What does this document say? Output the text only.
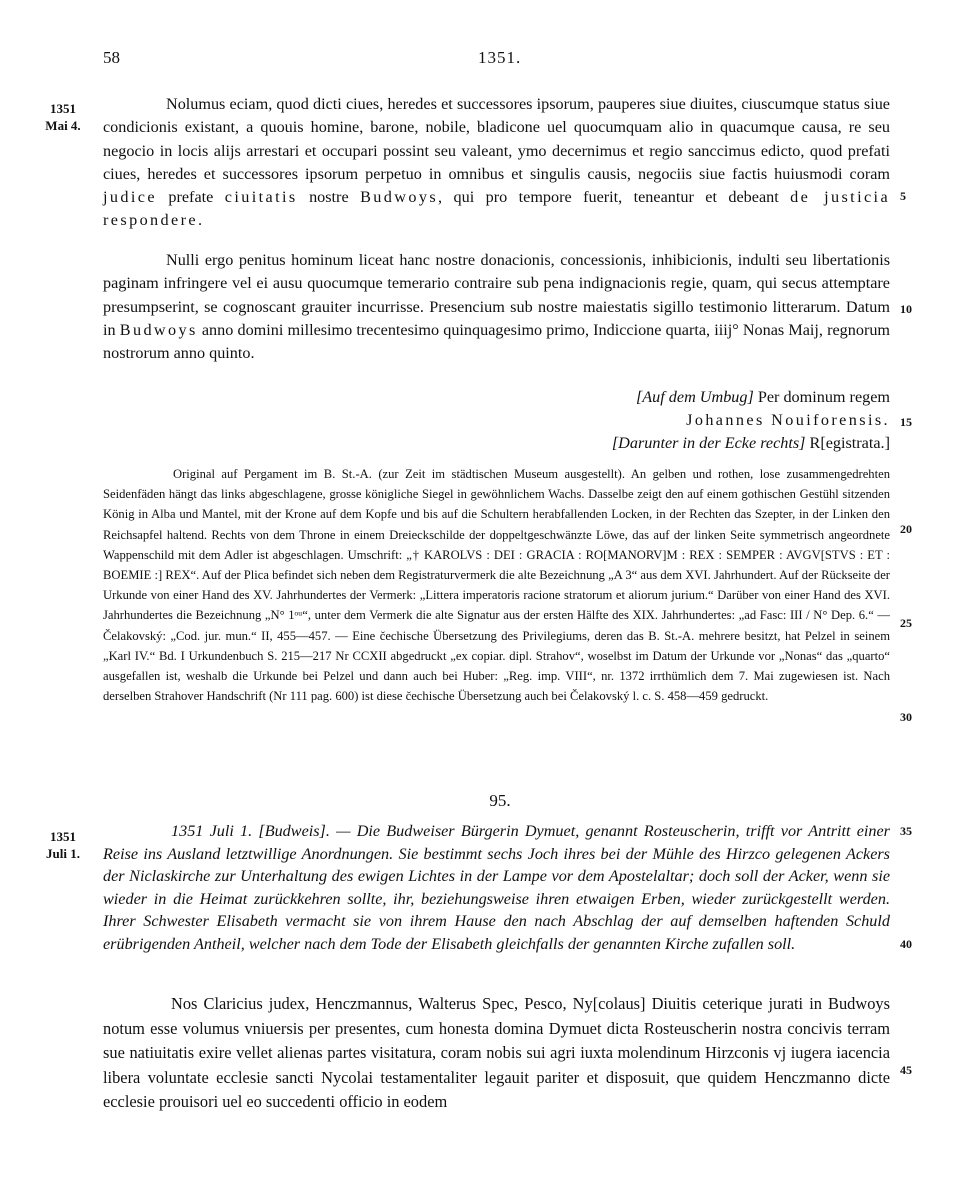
58	1351.
1351
Mai 4.
1351
Juli 1.
5
10
15
20
25
30
35
40
45

Nolumus eciam, quod dicti ciues, heredes et successores ipsorum, pauperes siue diuites, ciuscumque status siue condicionis existant, a quouis homine, barone, nobile, bladicone uel quocumquam alio in quacumque causa, re seu negocio in locis alijs arrestari et occupari possint seu valeant, ymo decernimus et regio sanccimus edicto, quod prefati ciues, heredes et successores ipsorum perpetuo in omnibus et singulis causis, negociis siue factis huiusmodi coram judice prefate ciuitatis nostre Budwoys, qui pro tempore fuerit, teneantur et debeant de justicia respondere.

Nulli ergo penitus hominum liceat hanc nostre donacionis, concessionis, inhibicionis, indulti seu libertationis paginam infringere vel ei ausu quocumque temerario contraire sub pena indignacionis regie, quam, qui secus attemptare presumpserint, se cognoscant grauiter incurrisse. Presencium sub nostre maiestatis sigillo testimonio litterarum. Datum in Budwoys anno domini millesimo trecentesimo quinquagesimo primo, Indiccione quarta, iiij° Nonas Maij, regnorum nostrorum anno quinto.

[Auf dem Umbug] Per dominum regem
Johannes Nouiforensis.
[Darunter in der Ecke rechts] R[egistrata.]

Original auf Pergament im B. St.-A. (zur Zeit im städtischen Museum ausgestellt). An gelben und rothen, lose zusammengedrehten Seidenfäden hängt das links abgeschlagene, grosse königliche Siegel in gewöhnlichem Wachs. Dasselbe zeigt den auf einem gothischen Gestühl sitzenden König in Alba und Mantel, mit der Krone auf dem Kopfe und bis auf die Schultern herabfallenden Locken, in der Rechten das Szepter, in der Linken den Reichsapfel haltend. Rechts von dem Throne in einem Dreieckschilde der doppeltgeschwänzte Löwe, das auf der linken Seite symmetrisch angeordnete Wappenschild mit dem Adler ist abgeschlagen. Umschrift: „† KAROLVS : DEI : GRACIA : RO[MANORV]M : REX : SEMPER : AVGV[STVS : ET : BOEMIE :] REX“. Auf der Plica befindet sich neben dem Registraturvermerk die alte Bezeichnung „A 3“ aus dem XVI. Jahrhundert. Auf der Rückseite der Urkunde von einer Hand des XV. Jahrhundertes der Vermerk: „Littera imperatoris racione stratorum et aliorum jurium.“ Darüber von einer Hand des XVI. Jahrhundertes die Bezeichnung „N° 1ᵒᵘ“, unter dem Vermerk die alte Signatur aus der ersten Hälfte des XIX. Jahrhundertes: „ad Fasc: III / N° Dep. 6.“ — Čelakovský: „Cod. jur. mun.“ II, 455—457. — Eine čechische Übersetzung des Privilegiums, deren das B. St.-A. mehrere besitzt, hat Pelzel in seinem „Karl IV.“ Bd. I Urkundenbuch S. 215—217 Nr CCXII abgedruckt „ex copiar. dipl. Strahov“, woselbst im Datum der Urkunde vor „Nonas“ das „quarto“ ausgefallen ist, weshalb die Urkunde bei Pelzel und dann auch bei Huber: „Reg. imp. VIII“, nr. 1372 irrthümlich dem 7. Mai zugewiesen ist. Nach derselben Strahover Handschrift (Nr 111 pag. 600) ist diese čechische Übersetzung auch bei Čelakovský l. c. S. 458—459 gedruckt.

95.

1351 Juli 1. [Budweis]. — Die Budweiser Bürgerin Dymuet, genannt Rosteuscherin, trifft vor Antritt einer Reise ins Ausland letztwillige Anordnungen. Sie bestimmt sechs Joch ihres bei der Mühle des Hirzco gelegenen Ackers der Niclaskirche zur Unterhaltung des ewigen Lichtes in der Lampe vor dem Apostelaltar; doch soll der Acker, wenn sie wieder in die Heimat zurückkehren sollte, ihr, beziehungsweise ihren etwaigen Erben, wieder zurückgestellt werden. Ihrer Schwester Elisabeth vermacht sie von ihrem Hause den nach Abschlag der auf demselben haftenden Schuld erübrigenden Antheil, welcher nach dem Tode der Elisabeth gleichfalls der genannten Kirche zufallen soll.

Nos Claricius judex, Henczmannus, Walterus Spec, Pesco, Ny[colaus] Diuitis ceterique jurati in Budwoys notum esse volumus vniuersis per presentes, cum honesta domina Dymuet dicta Rosteuscherin nostra concivis terram sue natiuitatis exire vellet alienas partes visitatura, coram nobis sui agri iuxta molendinum Hirzconis vj iugera iacencia libera voluntate ecclesie sancti Nycolai testamentaliter legauit pariter et disposuit, que quidem Henczmanno dicte ecclesie prouisori uel eo succedenti officio in eodem
